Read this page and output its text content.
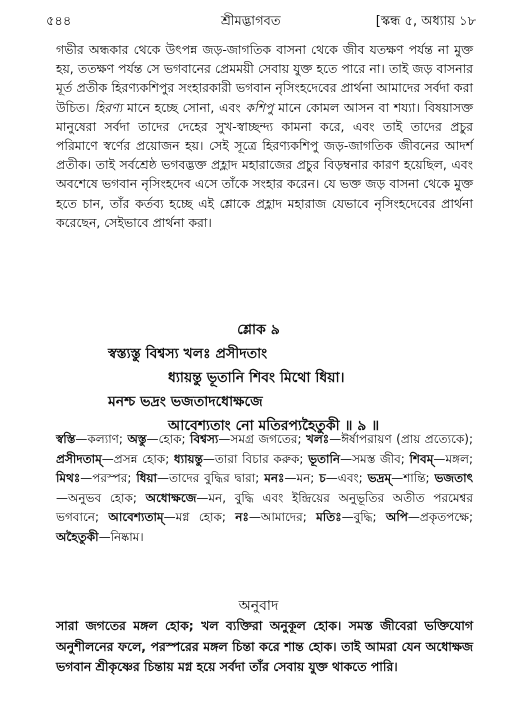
৫৪৪	শ্রীমদ্ভাগবত	[স্কন্ধ ৫, অধ্যায় ১৮
গভীর অন্ধকার থেকে উৎপন্ন জড়-জাগতিক বাসনা থেকে জীব যতক্ষণ পর্যন্ত না মুক্ত হয়, ততক্ষণ পর্যন্ত সে ভগবানের প্রেমময়ী সেবায় যুক্ত হতে পারে না। তাই জড় বাসনার মূর্ত প্রতীক হিরণ্যকশিপুর সংহারকারী ভগবান নৃসিংহদেবের প্রার্থনা আমাদের সর্বদা করা উচিত। হিরণ্য মানে হচ্ছে সোনা, এবং কশিপু মানে কোমল আসন বা শয্যা। বিষয়াসক্ত মানুষেরা সর্বদা তাদের দেহের সুখ-স্বাচ্ছন্দ্য কামনা করে, এবং তাই তাদের প্রচুর পরিমাণে স্বর্ণের প্রয়োজন হয়। সেই সূত্রে হিরণ্যকশিপু জড়-জাগতিক জীবনের আদর্শ প্রতীক। তাই সর্বশ্রেষ্ঠ ভগবদ্ভক্ত প্রহ্লাদ মহারাজের প্রচুর বিড়ম্বনার কারণ হয়েছিল, এবং অবশেষে ভগবান নৃসিংহদেব এসে তাঁকে সংহার করেন। যে ভক্ত জড় বাসনা থেকে মুক্ত হতে চান, তাঁর কর্তব্য হচ্ছে এই শ্লোকে প্রহ্লাদ মহারাজ যেভাবে নৃসিংহদেবের প্রার্থনা করেছেন, সেইভাবে প্রার্থনা করা।
শ্লোক ৯
স্বস্ত্যস্তু বিশ্বস্য খলঃ প্রসীদতাং
ধ্যায়ন্তু ভূতানি শিবং মিথো ধিয়া।
মনশ্চ ভদ্রং ভজতাদধোক্ষজে
আবেশ্যতাং নো মতিরপ্যহৈতুকী ॥ ৯ ॥
স্বস্তি—কল্যাণ; অস্তু—হোক; বিশ্বস্য—সমগ্র জগতের; খলঃ—ঈর্ষাপরায়ণ (প্রায় প্রত্যেকে); প্রসীদতাম্—প্রসন্ন হোক; ধ্যায়ন্তু—তারা বিচার করুক; ভূতানি—সমস্ত জীব; শিবম্—মঙ্গল; মিথঃ—পরস্পর; ধিয়া—তাদের বুদ্ধির দ্বারা; মনঃ—মন; চ—এবং; ভদ্রম্—শান্তি; ভজতাৎ—অনুভব হোক; অধোক্ষজে—মন, বুদ্ধি এবং ইন্দ্রিয়ের অনুভূতির অতীত পরমেশ্বর ভগবানে; আবেশ্যতাম্—মগ্ন হোক; নঃ—আমাদের; মতিঃ—বুদ্ধি; অপি—প্রকৃতপক্ষে; অহৈতুকী—নিষ্কাম।
অনুবাদ
সারা জগতের মঙ্গল হোক; খল ব্যক্তিরা অনুকূল হোক। সমস্ত জীবেরা ভক্তিযোগ অনুশীলনের ফলে, পরস্পরের মঙ্গল চিন্তা করে শান্ত হোক। তাই আমরা যেন অধোক্ষজ ভগবান শ্রীকৃষ্ণের চিন্তায় মগ্ন হয়ে সর্বদা তাঁর সেবায় যুক্ত থাকতে পারি।
